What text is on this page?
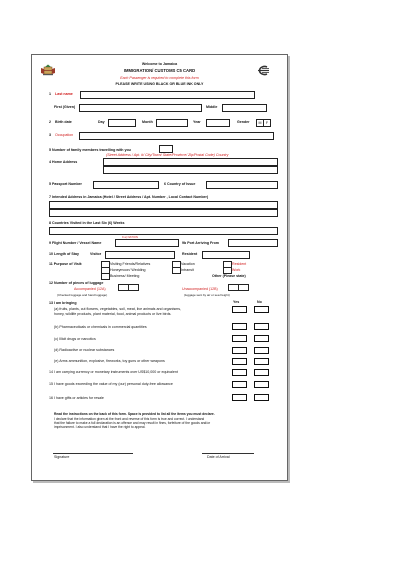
Welcome to Jamaica
IMMIGRATION/ CUSTOMS C5 CARD
Each Passenger is required to complete this form
PLEASE WRITE USING BLACK OR BLUE INK ONLY
1 Last name
First (Given)	Middle
2 Birth date	Day	Month	Year	Gender	M	F
3 Occupation
5 Number of family members travelling with you
(Street Address / Apt. #/ City/Town/ State/Province/ Zip/Postal Code) Country
4 Home Address
5 Passport Number	6 Country of Issue
7 Intended Address in Jamaica (Hotel / Street Address / Apt. Number , Local Contact Number)
8 Countries Visited in the Last Six (6) Weeks
9 a) NATION
9 Flight Number / Vessel Name	9b Port Arriving From
10 Length of Stay	Visitor	Resident
11 Purpose of Visit:	Visiting Friends/Relatives	Vacation	Resident
Honeymoon/ Wedding	Intransit	Work
Business/ Meeting	Other (Please state)
12 Number of pieces of luggage
Accompanied (12A)	Unaccompanied (12B)
(Checked luggage and hand luggage)	(luggage sent by air or sea freight)
13 I am bringing	Yes	No
(a) fruits, plants, cut flowers, vegetables, soil, meat, live animals and organisms,
honey, wildlife products, plant material, food, animal products or live birds.
(b) Pharmaceuticals or chemicals in commercial quantities
(c) Illicit drugs or narcotics
(d) Radioactive or nuclear substances
(e) Arms ammunition, explosive, fireworks, toy guns or other weapons
14 I am carrying currency or monetary instruments over US$10,000 or equivalent
15 I have goods exceeding the value of my (our) personal duty-free allowance
16 I have gifts or articles for resale
Read the instructions on the back of this form. Space is provided to list all the items you must declare.
I declare that the information given at the front and reverse of this form is true and correct. I understand
that the failure to make a full declaration is an offence and may result in fines, forfeiture of the goods and/or
imprisonment. I also understand that I have the right to appeal.
Signature	Date of Arrival
